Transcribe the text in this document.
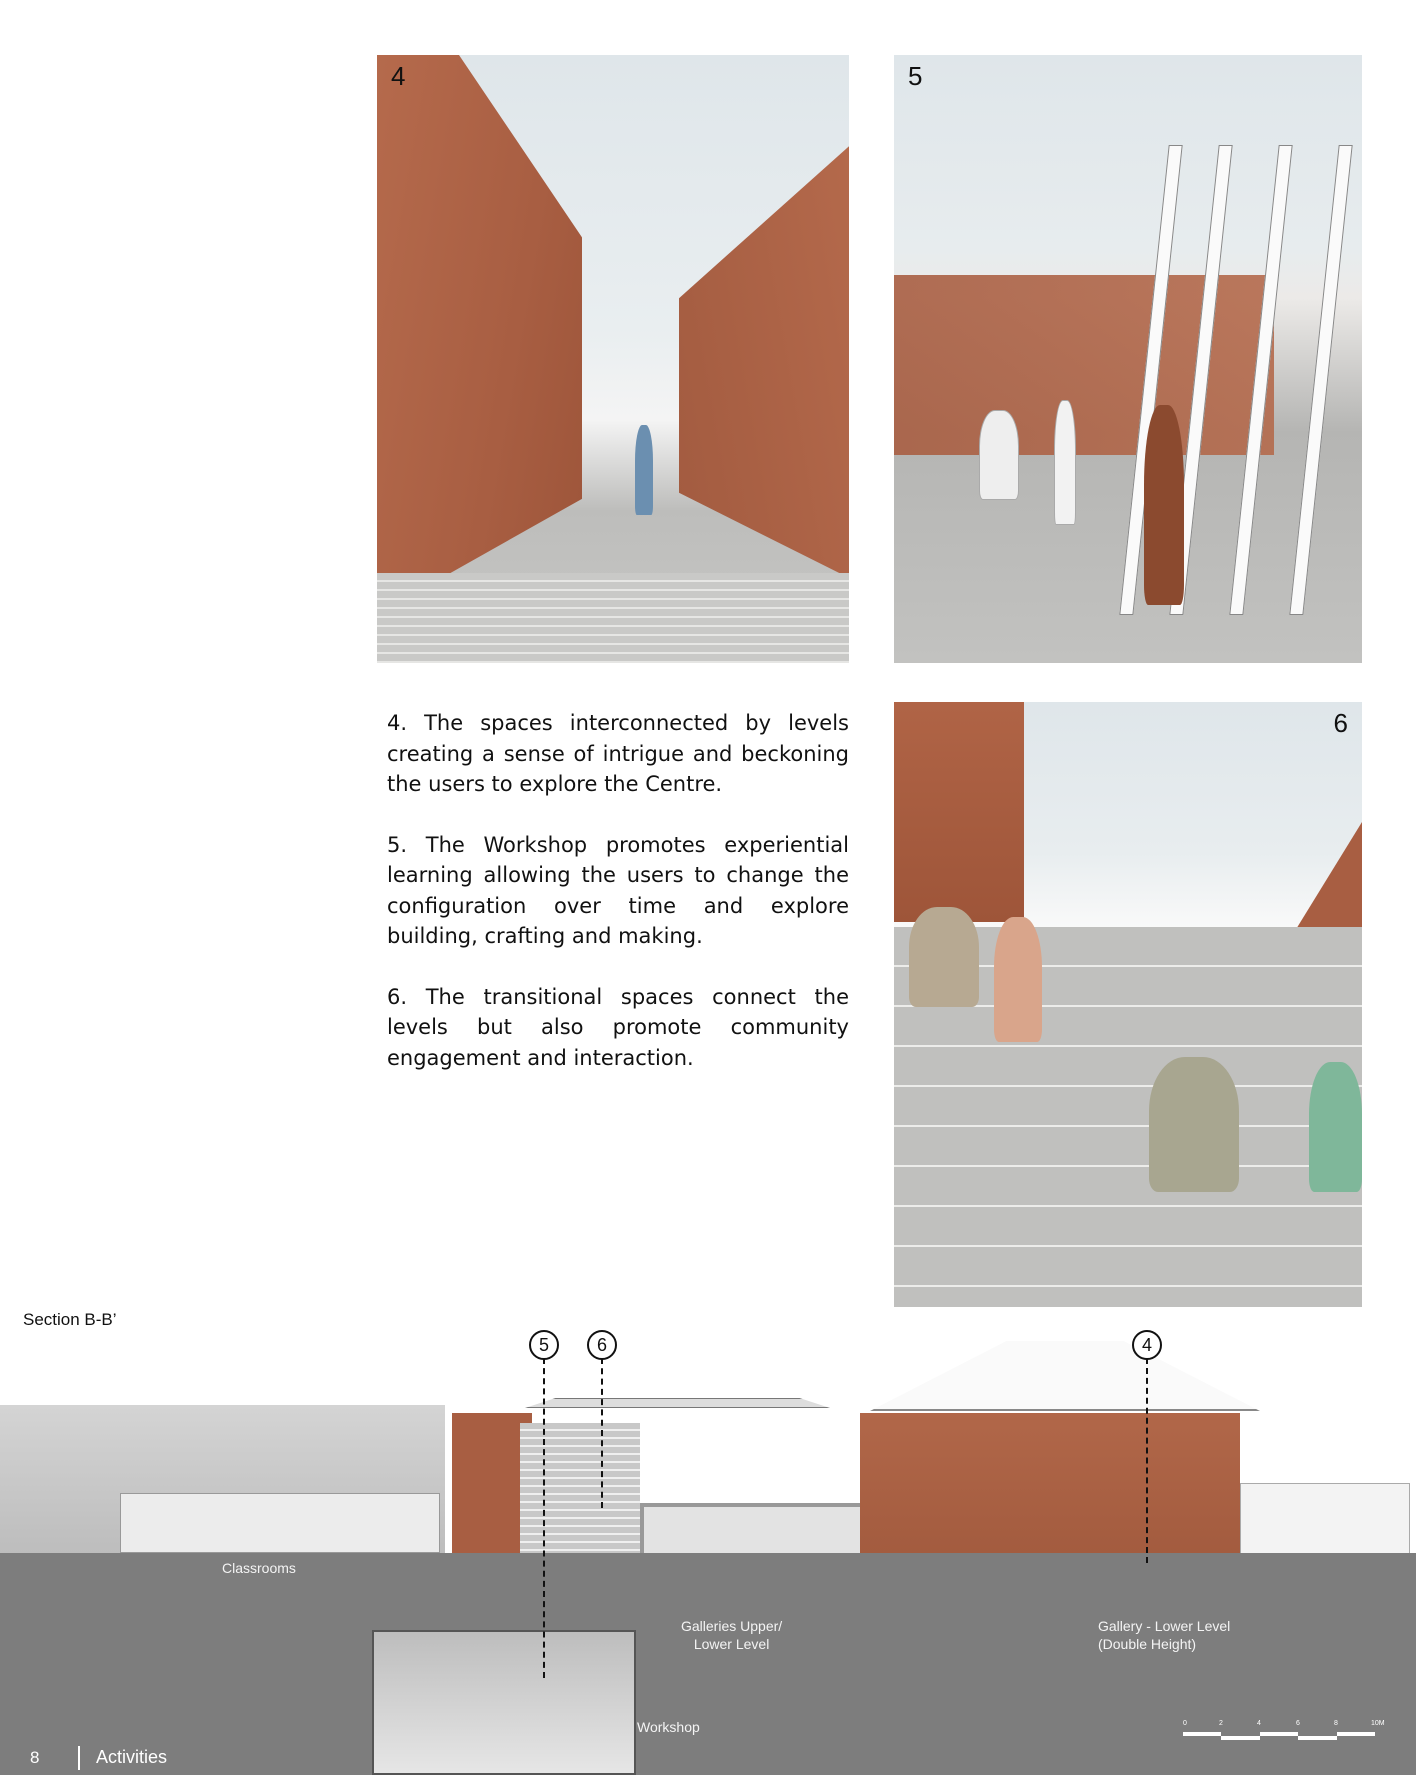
4	5
6

4. The spaces interconnected by levels creating a sense of intrigue and beckoning the users to explore the Centre.

5. The Workshop promotes experiential learning allowing the users to change the configuration over time and explore building, crafting and making.

6. The transitional spaces connect the levels but also promote community engagement and interaction.

Section B-B’
5	6	4
Classrooms
Galleries Upper/
Lower Level
Gallery - Lower Level
(Double Height)
Workshop	0	2	4	6	8	10M
8	Activities
